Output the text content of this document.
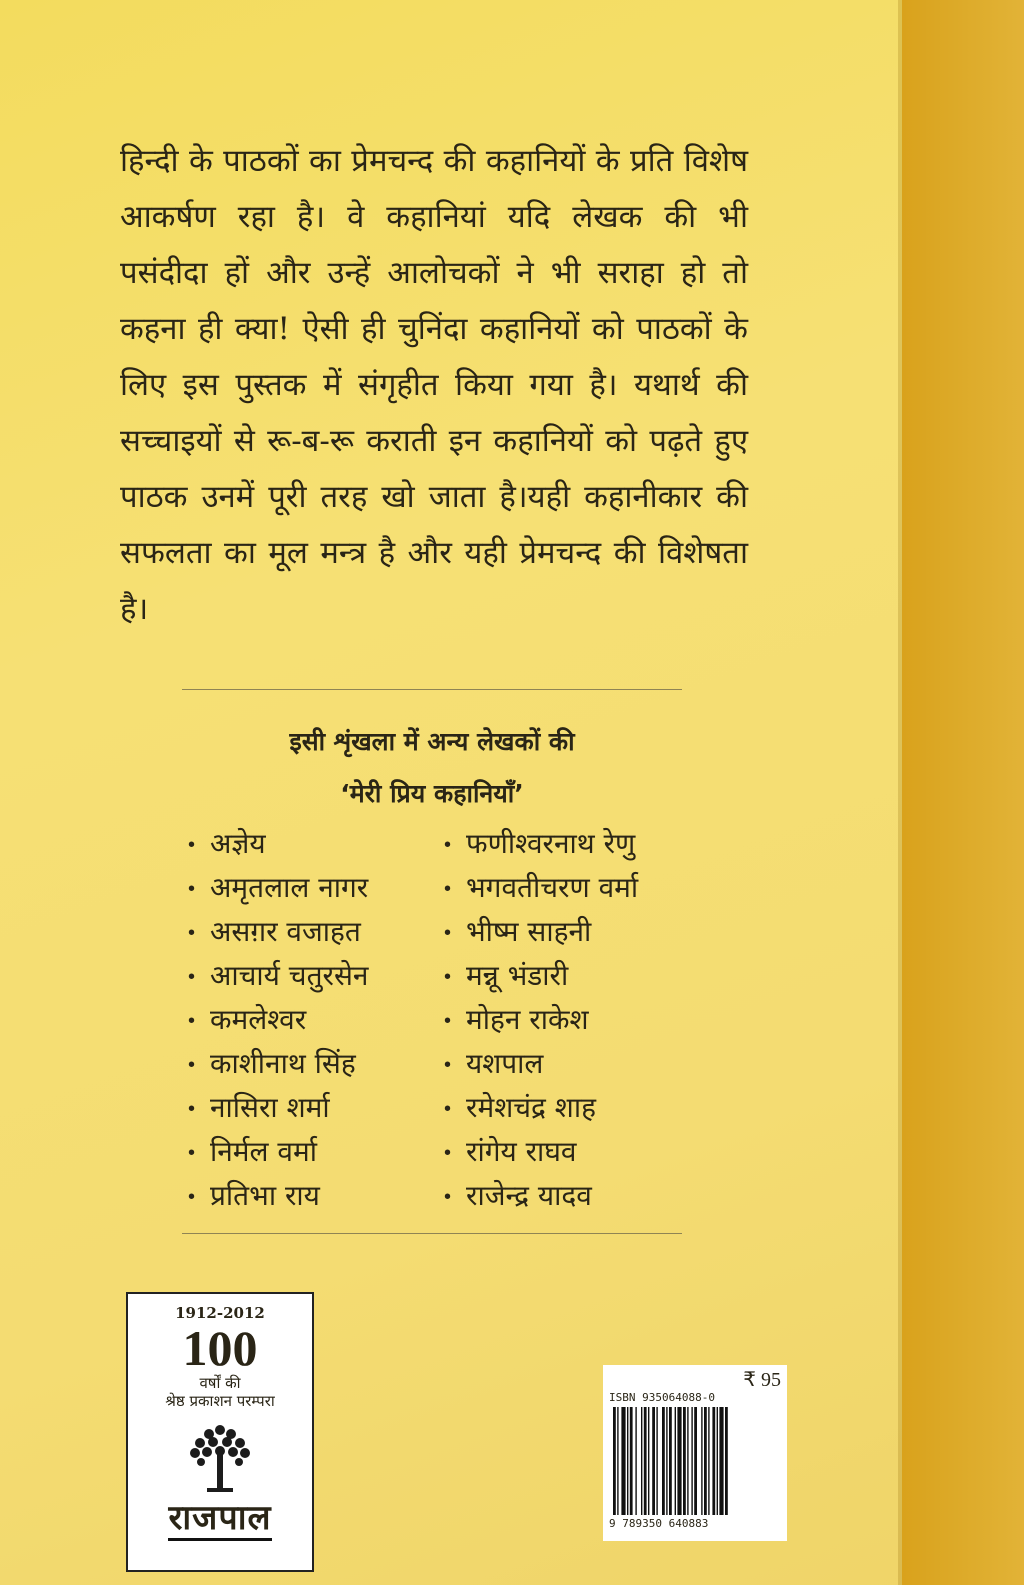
हिन्दी के पाठकों का प्रेमचन्द की कहानियों के प्रति विशेष आकर्षण रहा है। वे कहानियां यदि लेखक की भी पसंदीदा हों और उन्हें आलोचकों ने भी सराहा हो तो कहना ही क्या! ऐसी ही चुनिंदा कहानियों को पाठकों के लिए इस पुस्तक में संगृहीत किया गया है। यथार्थ की सच्चाइयों से रू-ब-रू कराती इन कहानियों को पढ़ते हुए पाठक उनमें पूरी तरह खो जाता है।यही कहानीकार की सफलता का मूल मन्त्र है और यही प्रेमचन्द की विशेषता है।

इसी शृंखला में अन्य लेखकों की

‘मेरी प्रिय कहानियाँ’

• अज्ञेय
• अमृतलाल नागर
• असग़र वजाहत
• आचार्य चतुरसेन
• कमलेश्वर
• काशीनाथ सिंह
• नासिरा शर्मा
• निर्मल वर्मा
• प्रतिभा राय
• फणीश्वरनाथ रेणु
• भगवतीचरण वर्मा
• भीष्म साहनी
• मन्नू भंडारी
• मोहन राकेश
• यशपाल
• रमेशचंद्र शाह
• रांगेय राघव
• राजेन्द्र यादव
1912-2012
100
वर्षों की
श्रेष्ठ प्रकाशन परम्परा
राजपाल
₹ 95
ISBN 935064088-0
9 789350 640883
